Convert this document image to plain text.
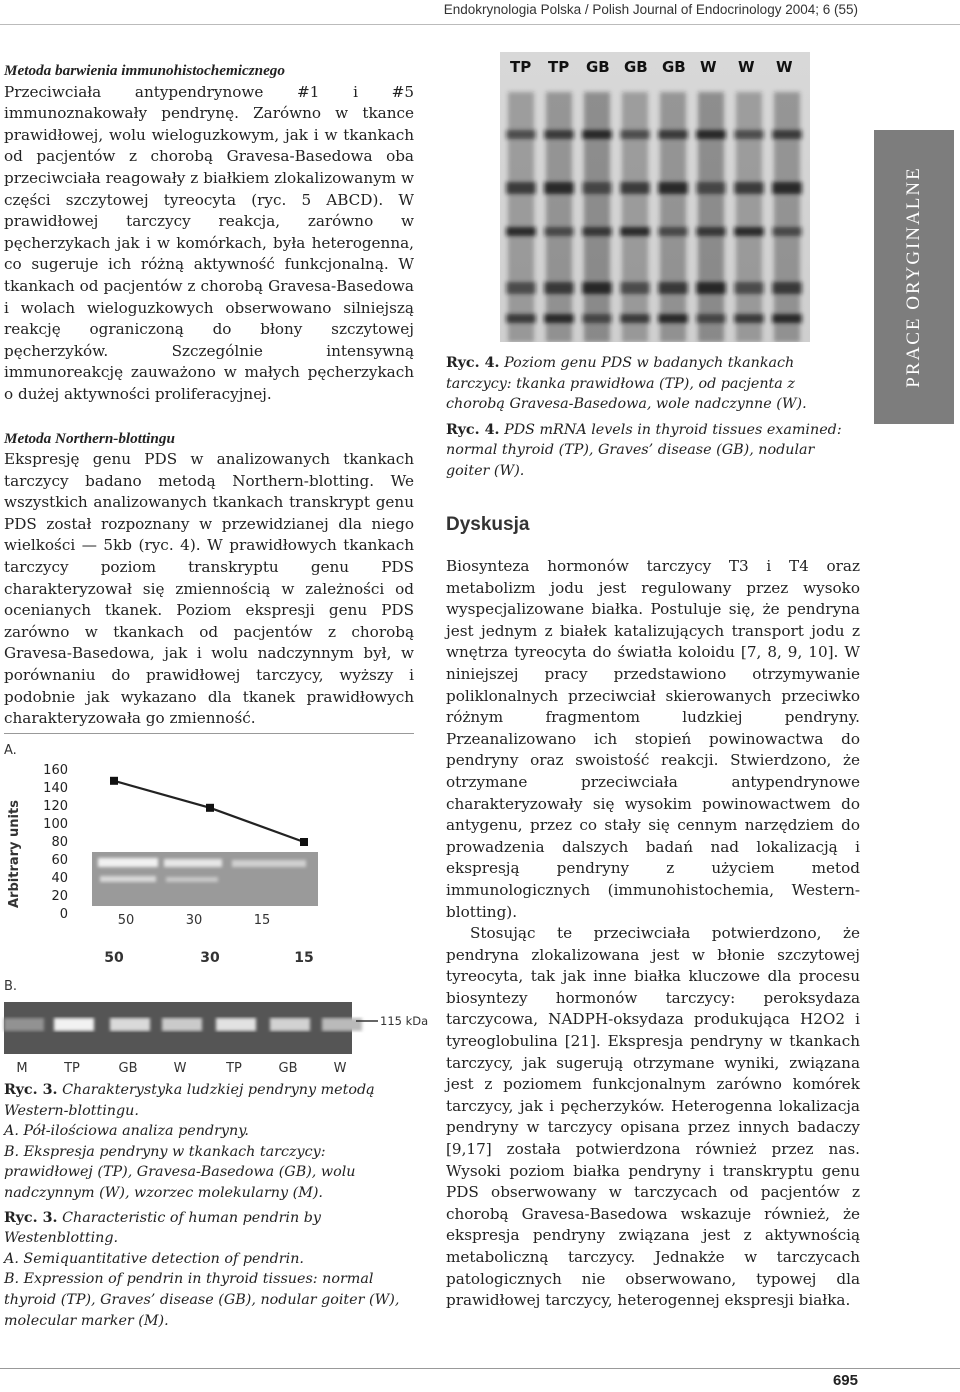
Endokrynologia Polska / Polish Journal of Endocrinology 2004; 6 (55)
PRACE ORYGINALNE

Metoda barwienia immunohistochemicznego

Przeciwciała antypendrynowe #1 i #5 immunoznakowały pendrynę. Zarówno w tkance prawidłowej, wolu wieloguzkowym, jak i w tkankach od pacjentów z chorobą Gravesa-Basedowa oba przeciwciała reagowały z białkiem zlokalizowanym w części szczytowej tyreocyta (ryc. 5 ABCD). W prawidłowej tarczycy reakcja, zarówno w pęcherzykach jak i w komórkach, była heterogenna, co sugeruje ich różną aktywność funkcjonalną. W tkankach od pacjentów z chorobą Gravesa-Basedowa i wolach wieloguzkowych obserwowano silniejszą reakcję ograniczoną do błony szczytowej pęcherzyków. Szczególnie intensywną immunoreakcję zauważono w małych pęcherzykach o dużej aktywności proliferacyjnej.

Metoda Northern-blottingu

Ekspresję genu PDS w analizowanych tkankach tarczycy badano metodą Northern-blotting. We wszystkich analizowanych tkankach transkrypt genu PDS został rozpoznany w przewidzianej dla niego wielkości — 5kb (ryc. 4). W prawidłowych tkankach tarczycy poziom transkryptu genu PDS charakteryzował się zmiennością w zależności od ocenianych tkanek. Poziom ekspresji genu PDS zarówno w tkankach od pacjentów z chorobą Gravesa-Basedowa, jak i wolu nadczynnym był, w porównaniu do prawidłowej tarczycy, wyższy i podobnie jak wykazano dla tkanek prawidłowych charakteryzowała go zmienność.

TP TP GB GB GB W W W
Ryc. 4. Poziom genu PDS w badanych tkankach tarczycy: tkanka prawidłowa (TP), od pacjenta z chorobą Gravesa-Basedowa, wole nadczynne (W).
Ryc. 4. PDS mRNA levels in thyroid tissues examined: normal thyroid (TP), Graves’ disease (GB), nodular goiter (W).
Dyskusja

Biosynteza hormonów tarczycy T3 i T4 oraz metabolizm jodu jest regulowany przez wysoko wyspecjalizowane białka. Postuluje się, że pendryna jest jednym z białek katalizujących transport jodu z wnętrza tyreocyta do światła koloidu [7, 8, 9, 10]. W niniejszej pracy przedstawiono otrzymywanie poliklonalnych przeciwciał skierowanych przeciwko różnym fragmentom ludzkiej pendryny. Przeanalizowano ich stopień powinowactwa do pendryny oraz swoistość reakcji. Stwierdzono, że otrzymane przeciwciała antypendrynowe charakteryzowały się wysokim powinowactwem do antygenu, przez co stały się cennym narzędziem do prowadzenia dalszych badań nad lokalizacją i ekspresją pendryny z użyciem metod immunologicznych (immunohistochemia, Western-blotting).

Stosując te przeciwciała potwierdzono, że pendryna zlokalizowana jest w błonie szczytowej tyreocyta, tak jak inne białka kluczowe dla procesu biosyntezy hormonów tarczycy: peroksydaza tarczycowa, NADPH-oksydaza produkująca H2O2 i tyreoglobulina [21]. Ekspresja pendryny w tkankach tarczycy, jak sugerują otrzymane wyniki, związana jest z poziomem funkcjonalnym zarówno komórek tarczycy, jak i pęcherzyków. Heterogenna lokalizacja pendryny w tarczycy opisana przez innych badaczy [9,17] została potwierdzona również przez nas. Wysoki poziom białka pendryny i transkryptu genu PDS obserwowany w tarczycach od pacjentów z chorobą Gravesa-Basedowa wskazuje również, że ekspresja pendryny związana jest z aktywnością metaboliczną tarczycy. Jednakże w tarczycach patologicznych nie obserwowano, typowej dla prawidłowej tarczycy, heterogennej ekspresji białka.

A.
Arbitrary units
0
20
40
60
80
100
120
140
160
50	30	15
50	30	15
B.
115 kDa
M	TP	GB	W	TP	GB	W
Ryc. 3. Charakterystyka ludzkiej pendryny metodą Western-blottingu.
A. Pół-ilościowa analiza pendryny.
B. Ekspresja pendryny w tkankach tarczycy: prawidłowej (TP), Gravesa-Basedowa (GB), wolu nadczynnym (W), wzorzec molekularny (M).
Ryc. 3. Characteristic of human pendrin by Westenblotting.
A. Semiquantitative detection of pendrin.
B. Expression of pendrin in thyroid tissues: normal thyroid (TP), Graves’ disease (GB), nodular goiter (W), molecular marker (M).
695
